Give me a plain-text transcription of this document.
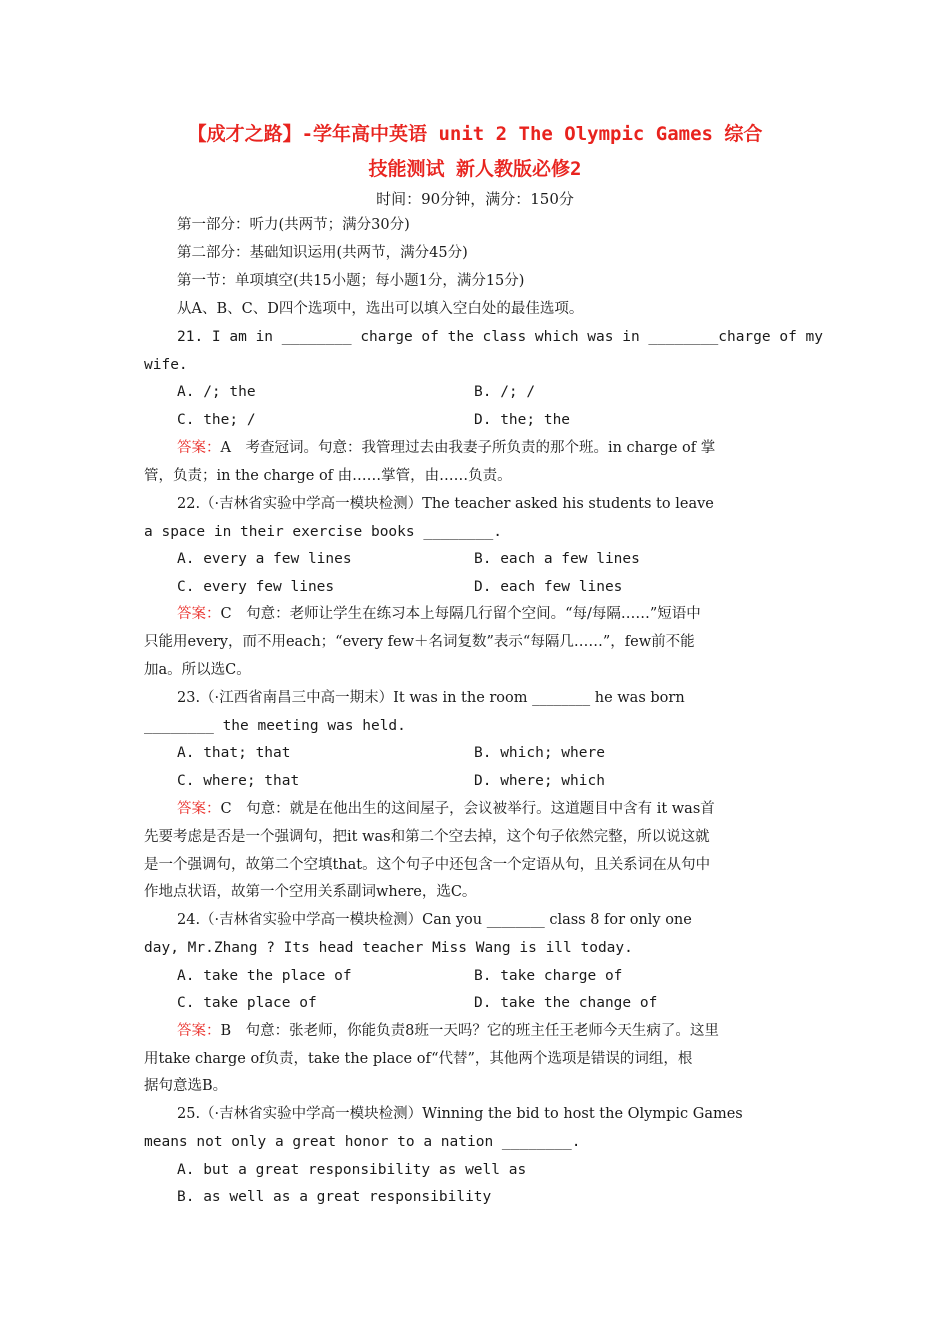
【成才之路】-学年高中英语 unit 2 The Olympic Games 综合
技能测试 新人教版必修2
时间：90分钟，满分：150分
第一部分：听力(共两节；满分30分)
第二部分：基础知识运用(共两节，满分45分)
第一节：单项填空(共15小题；每小题1分，满分15分)
从A、B、C、D四个选项中，选出可以填入空白处的最佳选项。
21. I am in ________ charge of the class which was in ________charge of my
wife.
A. /; the	B. /; /
C. the; /	D. the; the
答案：A　考查冠词。句意：我管理过去由我妻子所负责的那个班。in charge of 掌
管，负责；in the charge of 由……掌管，由……负责。
22.（·吉林省实验中学高一模块检测）The teacher asked his students to leave
a space in their exercise books ________.
A. every a few lines	B. each a few lines
C. every few lines	D. each few lines
答案：C　句意：老师让学生在练习本上每隔几行留个空间。“每/每隔……”短语中
只能用every，而不用each；“every few＋名词复数”表示“每隔几……”，few前不能
加a。所以选C。
23.（·江西省南昌三中高一期末）It was in the room ________ he was born
________ the meeting was held.
A. that; that	B. which; where
C. where; that	D. where; which
答案：C　句意：就是在他出生的这间屋子，会议被举行。这道题目中含有 it was首
先要考虑是否是一个强调句，把it was和第二个空去掉，这个句子依然完整，所以说这就
是一个强调句，故第二个空填that。这个句子中还包含一个定语从句，且关系词在从句中
作地点状语，故第一个空用关系副词where，选C。
24.（·吉林省实验中学高一模块检测）Can you ________ class 8 for only one
day, Mr.Zhang ? Its head teacher Miss Wang is ill today.
A. take the place of	B. take charge of
C. take place of	D. take the change of
答案：B　句意：张老师，你能负责8班一天吗？它的班主任王老师今天生病了。这里
用take charge of负责，take the place of“代替”，其他两个选项是错误的词组，根
据句意选B。
25.（·吉林省实验中学高一模块检测）Winning the bid to host the Olympic Games
means not only a great honor to a nation ________.
A. but a great responsibility as well as
B. as well as a great responsibility
